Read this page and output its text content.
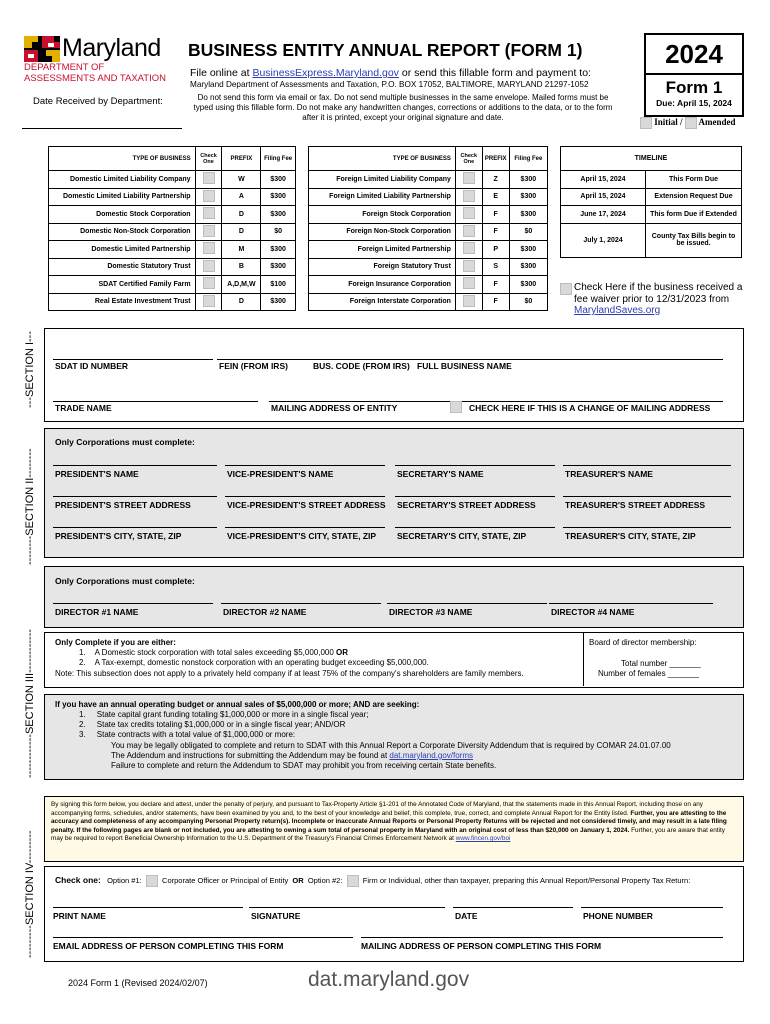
Maryland
DEPARTMENT OF
ASSESSMENTS AND TAXATION
Date Received by Department:
BUSINESS ENTITY ANNUAL REPORT (FORM 1)
File online at BusinessExpress.Maryland.gov or send this fillable form and payment to:
Maryland Department of Assessments and Taxation, P.O. BOX 17052, BALTIMORE, MARYLAND 21297-1052
Do not send this form via email or fax. Do not send multiple businesses in the same envelope. Mailed forms must be typed using this fillable form. Do not make any handwritten changes, corrections or additions to the data, or to the form after it is printed, except your original signature and date.
2024
Form 1
Due: April 15, 2024
Initial / Amended
TYPE OF BUSINESS	Check One	PREFIX	Filing Fee
Domestic Limited Liability Company		W	$300
Domestic Limited Liability Partnership		A	$300
Domestic Stock Corporation		D	$300
Domestic Non-Stock Corporation		D	$0
Domestic Limited Partnership		M	$300
Domestic Statutory Trust		B	$300
SDAT Certified Family Farm		A,D,M,W	$100
Real Estate Investment Trust		D	$300
TYPE OF BUSINESS	Check One	PREFIX	Filing Fee
Foreign Limited Liability Company		Z	$300
Foreign Limited Liability Partnership		E	$300
Foreign Stock Corporation		F	$300
Foreign Non-Stock Corporation		F	$0
Foreign Limited Partnership		P	$300
Foreign Statutory Trust		S	$300
Foreign Insurance Corporation		F	$300
Foreign Interstate Corporation		F	$0
TIMELINE	
April 15, 2024	This Form Due
April 15, 2024	Extension Request Due
June 17, 2024	This form Due if Extended
July 1, 2024	County Tax Bills begin to be issued.
Check Here if the business received a fee waiver prior to 12/31/2023 from MarylandSaves.org
---SECTION I--- SDAT ID NUMBER	FEIN (FROM IRS)	BUS. CODE (FROM IRS) FULL BUSINESS NAME
TRADE NAME	MAILING ADDRESS OF ENTITY	CHECK HERE IF THIS IS A CHANGE OF MAILING ADDRESS
--------SECTION II--------
Only Corporations must complete:
PRESIDENT'S NAME	VICE-PRESIDENT'S NAME	SECRETARY'S NAME	TREASURER'S NAME
PRESIDENT'S STREET ADDRESS	VICE-PRESIDENT'S STREET ADDRESS SECRETARY'S STREET ADDRESS	TREASURER'S STREET ADDRESS
PRESIDENT'S CITY, STATE, ZIP	VICE-PRESIDENT'S CITY, STATE, ZIP SECRETARY'S CITY, STATE, ZIP	TREASURER'S CITY, STATE, ZIP
------------SECTION III------------
Only Corporations must complete:
DIRECTOR #1 NAME	DIRECTOR #2 NAME	DIRECTOR #3 NAME	DIRECTOR #4 NAME
Only Complete if you are either:
1. A Domestic stock corporation with total sales exceeding $5,000,000 OR
2. A Tax-exempt, domestic nonstock corporation with an operating budget exceeding $5,000,000.
Note: This subsection does not apply to a privately held company if at least 75% of the company's shareholders are family members.
Board of director membership:
Total number _______
Number of females _______
If you have an annual operating budget or annual sales of $5,000,000 or more; AND are seeking:
1. State capital grant funding totaling $1,000,000 or more in a single fiscal year;
2. State tax credits totaling $1,000,000 or in a single fiscal year; AND/OR
3. State contracts with a total value of $1,000,000 or more:
You may be legally obligated to complete and return to SDAT with this Annual Report a Corporate Diversity Addendum that is required by COMAR 24.01.07.00
The Addendum and instructions for submitting the Addendum may be found at dat.maryland.gov/forms
Failure to complete and return the Addendum to SDAT may prohibit you from receiving certain State benefits.
---------SECTION IV---------
By signing this form below, you declare and attest, under the penalty of perjury, and pursuant to Tax-Property Article §1-201 of the Annotated Code of Maryland, that the statements made in this Annual Report, including those on any accompanying forms, schedules, and/or statements, have been examined by you and, to the best of your knowledge and belief, this complete, true, correct, and complete Annual Report for the Entity listed. Further, you are attesting to the accuracy and completeness of any accompanying Personal Property return(s). Incomplete or inaccurate Annual Reports or Personal Property Returns will be rejected and not considered timely, and may result in a late filing penalty. If the following pages are blank or not included, you are attesting to owning a sum total of personal property in Maryland with an original cost of less than $20,000 on January 1, 2024. Further, you are aware that entity may be required to report Beneficial Ownership Information to the U.S. Department of the Treasury's Financial Crimes Enforcement Network at www.fincen.gov/boi
Check one: Option #1:	Corporate Officer or Principal of Entity OR Option #2:	Firm or Individual, other than taxpayer, preparing this Annual Report/Personal Property Tax Return:
PRINT NAME	SIGNATURE	DATE	PHONE NUMBER
EMAIL ADDRESS OF PERSON COMPLETING THIS FORM	MAILING ADDRESS OF PERSON COMPLETING THIS FORM
2024 Form 1 (Revised 2024/02/07)	dat.maryland.gov
